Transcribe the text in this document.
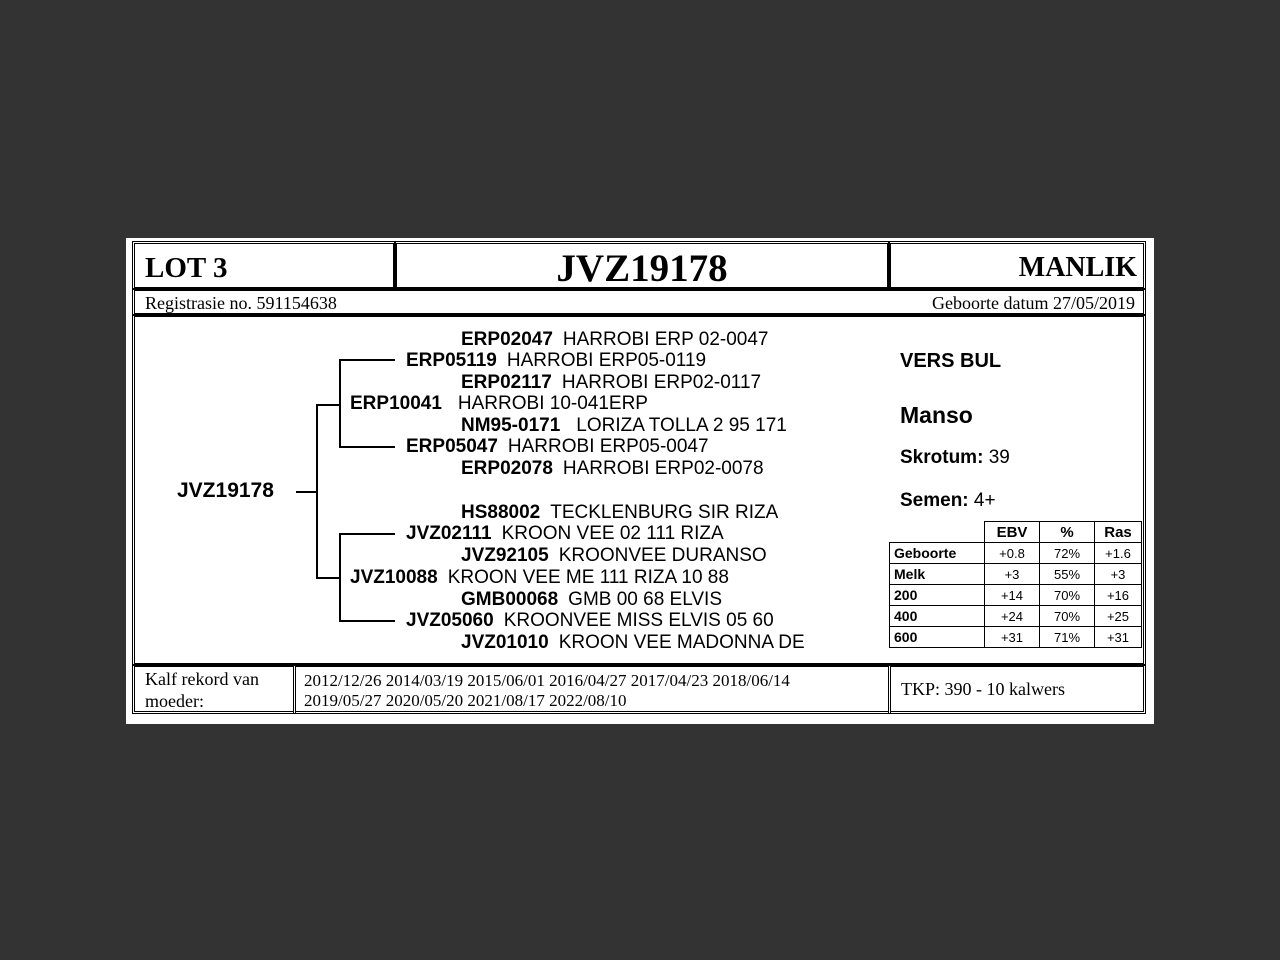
LOT 3	JVZ19178	MANLIK
Registrasie no. 591154638	Geboorte datum 27/05/2019
JVZ19178
ERP02047 HARROBI ERP 02-0047
ERP05119 HARROBI ERP05-0119
ERP02117 HARROBI ERP02-0117
ERP10041 HARROBI 10-041ERP
NM95-0171 LORIZA TOLLA 2 95 171
ERP05047 HARROBI ERP05-0047
ERP02078 HARROBI ERP02-0078
HS88002 TECKLENBURG SIR RIZA
JVZ02111 KROON VEE 02 111 RIZA
JVZ92105 KROONVEE DURANSO
JVZ10088 KROON VEE ME 111 RIZA 10 88
GMB00068 GMB 00 68 ELVIS
JVZ05060 KROONVEE MISS ELVIS 05 60
JVZ01010 KROON VEE MADONNA DE
VERS BUL
Manso
Skrotum: 39
Semen: 4+
	EBV	%	Ras
Geboorte	+0.8	72%	+1.6
Melk	+3	55%	+3
200	+14	70%	+16
400	+24	70%	+25
600	+31	71%	+31
Kalf rekord van
moeder:
2012/12/26 2014/03/19 2015/06/01 2016/04/27 2017/04/23 2018/06/14
2019/05/27 2020/05/20 2021/08/17 2022/08/10
TKP: 390 - 10 kalwers
